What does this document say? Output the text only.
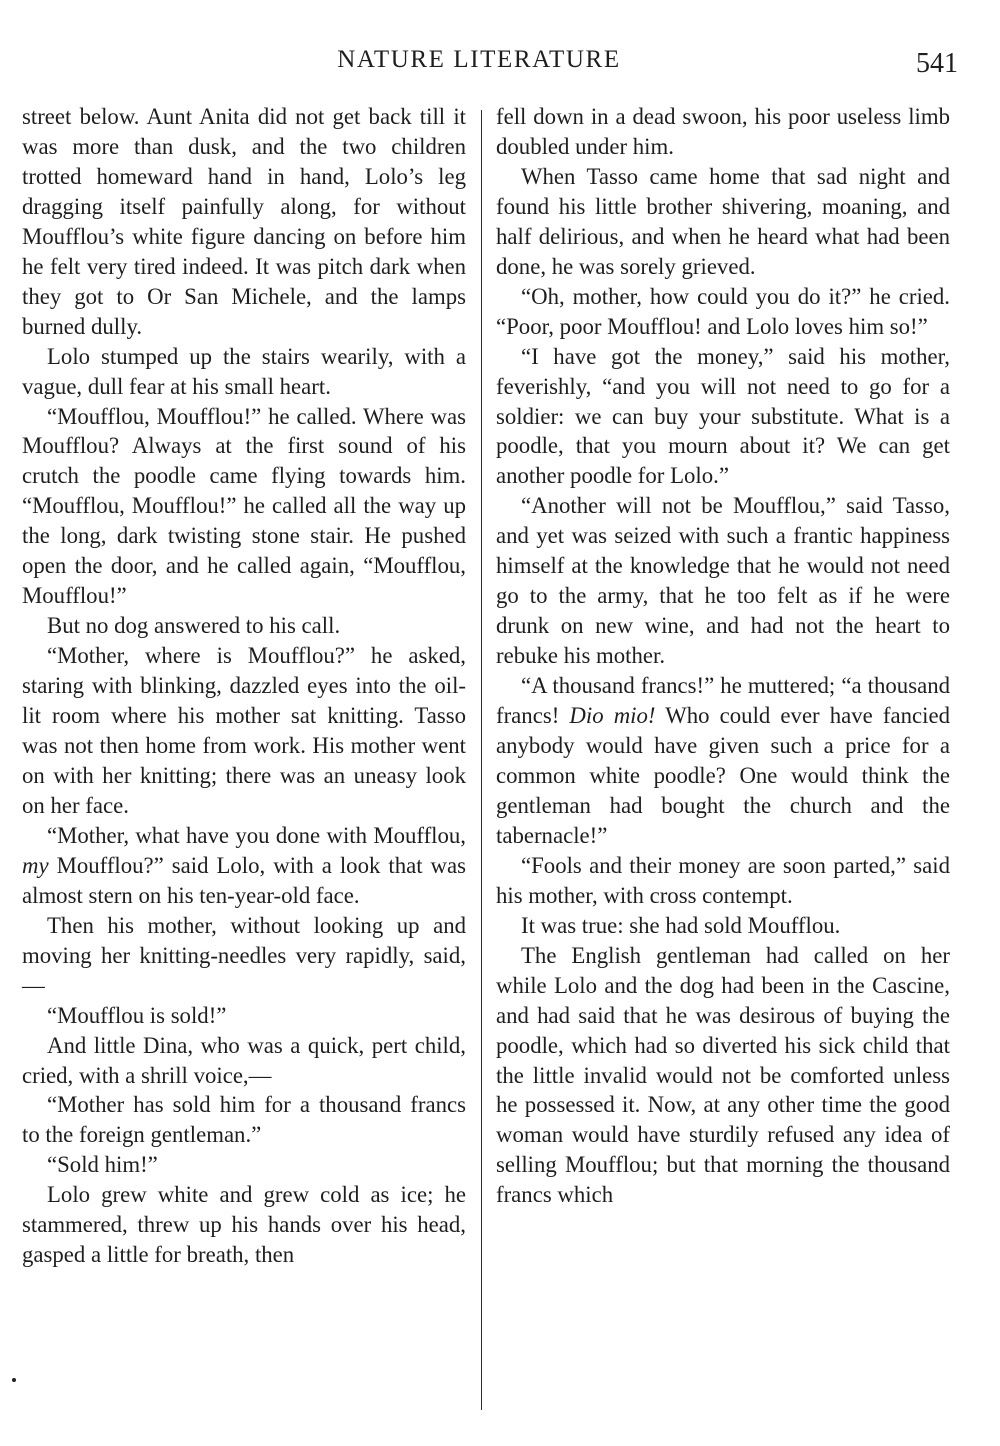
NATURE LITERATURE	541

street below. Aunt Anita did not get back till it was more than dusk, and the two children trotted homeward hand in hand, Lolo’s leg dragging itself painfully along, for without Moufflou’s white figure dancing on before him he felt very tired indeed. It was pitch dark when they got to Or San Michele, and the lamps burned dully.

Lolo stumped up the stairs wearily, with a vague, dull fear at his small heart.

“Moufflou, Moufflou!” he called. Where was Moufflou? Always at the first sound of his crutch the poodle came flying towards him. “Moufflou, Moufflou!” he called all the way up the long, dark twisting stone stair. He pushed open the door, and he called again, “Moufflou, Moufflou!”

But no dog answered to his call.

“Mother, where is Moufflou?” he asked, staring with blinking, dazzled eyes into the oil-lit room where his mother sat knitting. Tasso was not then home from work. His mother went on with her knitting; there was an uneasy look on her face.

“Mother, what have you done with Moufflou, my Moufflou?” said Lolo, with a look that was almost stern on his ten-year-old face.

Then his mother, without looking up and moving her knitting-needles very rapidly, said,—

“Moufflou is sold!”

And little Dina, who was a quick, pert child, cried, with a shrill voice,—

“Mother has sold him for a thousand francs to the foreign gentleman.”

“Sold him!”

Lolo grew white and grew cold as ice; he stammered, threw up his hands over his head, gasped a little for breath, then

fell down in a dead swoon, his poor useless limb doubled under him.

When Tasso came home that sad night and found his little brother shivering, moaning, and half delirious, and when he heard what had been done, he was sorely grieved.

“Oh, mother, how could you do it?” he cried. “Poor, poor Moufflou! and Lolo loves him so!”

“I have got the money,” said his mother, feverishly, “and you will not need to go for a soldier: we can buy your substitute. What is a poodle, that you mourn about it? We can get another poodle for Lolo.”

“Another will not be Moufflou,” said Tasso, and yet was seized with such a frantic happiness himself at the knowledge that he would not need go to the army, that he too felt as if he were drunk on new wine, and had not the heart to rebuke his mother.

“A thousand francs!” he muttered; “a thousand francs! Dio mio! Who could ever have fancied anybody would have given such a price for a common white poodle? One would think the gentleman had bought the church and the tabernacle!”

“Fools and their money are soon parted,” said his mother, with cross contempt.

It was true: she had sold Moufflou.

The English gentleman had called on her while Lolo and the dog had been in the Cascine, and had said that he was desirous of buying the poodle, which had so diverted his sick child that the little invalid would not be comforted unless he possessed it. Now, at any other time the good woman would have sturdily refused any idea of selling Moufflou; but that morning the thousand francs which
